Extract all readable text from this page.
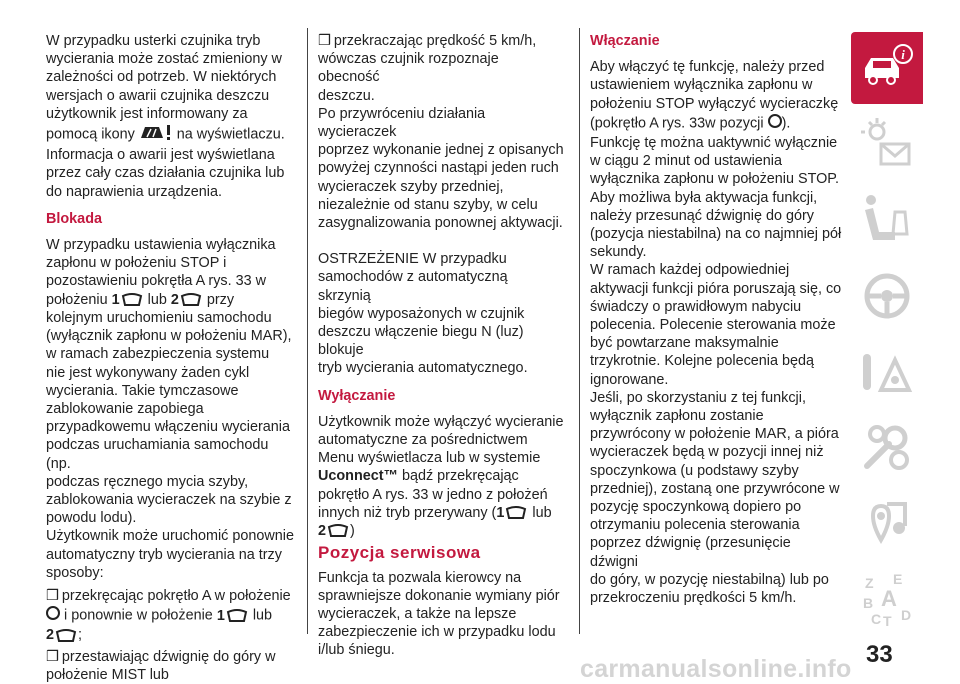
W przypadku usterki czujnika tryb
wycierania może zostać zmieniony w
zależności od potrzeb. W niektórych
wersjach o awarii czujnika deszczu
użytkownik jest informowany za
pomocą ikony	na wyświetlaczu.
Informacja o awarii jest wyświetlana
przez cały czas działania czujnika lub
do naprawienia urządzenia.

Blokada

W przypadku ustawienia wyłącznika
zapłonu w położeniu STOP i
pozostawieniu pokrętła A rys. 33 w
położeniu 1 lub 2 przy
kolejnym uruchomieniu samochodu
(wyłącznik zapłonu w położeniu MAR),
w ramach zabezpieczenia systemu
nie jest wykonywany żaden cykl
wycierania. Takie tymczasowe
zablokowanie zapobiega
przypadkowemu włączeniu wycierania
podczas uruchamiania samochodu (np.
podczas ręcznego mycia szyby,
zablokowania wycieraczek na szybie z
powodu lodu).
Użytkownik może uruchomić ponownie
automatyczny tryb wycierania na trzy
sposoby:

❒ przekręcając pokrętło A w położenie
i ponownie w położenie 1 lub
2 ;

❒ przestawiając dźwignię do góry w
położenie MIST lub

❒ przekraczając prędkość 5 km/h,
wówczas czujnik rozpoznaje obecność
deszczu.

Po przywróceniu działania wycieraczek
poprzez wykonanie jednej z opisanych
powyżej czynności nastąpi jeden ruch
wycieraczek szyby przedniej,
niezależnie od stanu szyby, w celu
zasygnalizowania ponownej aktywacji.

OSTRZEŻENIE W przypadku
samochodów z automatyczną skrzynią
biegów wyposażonych w czujnik
deszczu włączenie biegu N (luz) blokuje
tryb wycierania automatycznego.

Wyłączanie

Użytkownik może wyłączyć wycieranie
automatyczne za pośrednictwem
Menu wyświetlacza lub w systemie
Uconnect™ bądź przekręcając
pokrętło A rys. 33 w jedno z położeń
innych niż tryb przerywany (1 lub
2 )

Pozycja serwisowa

Funkcja ta pozwala kierowcy na
sprawniejsze dokonanie wymiany piór
wycieraczek, a także na lepsze
zabezpieczenie ich w przypadku lodu
i/lub śniegu.

Włączanie

Aby włączyć tę funkcję, należy przed
ustawieniem wyłącznika zapłonu w
położeniu STOP wyłączyć wycieraczkę
(pokrętło A rys. 33w pozycji ).
Funkcję tę można uaktywnić wyłącznie
w ciągu 2 minut od ustawienia
wyłącznika zapłonu w położeniu STOP.
Aby możliwa była aktywacja funkcji,
należy przesunąć dźwignię do góry
(pozycja niestabilna) na co najmniej pół
sekundy.
W ramach każdej odpowiedniej
aktywacji funkcji pióra poruszają się, co
świadczy o prawidłowym nabyciu
polecenia. Polecenie sterowania może
być powtarzane maksymalnie
trzykrotnie. Kolejne polecenia będą
ignorowane.
Jeśli, po skorzystaniu z tej funkcji,
wyłącznik zapłonu zostanie
przywrócony w położenie MAR, a pióra
wycieraczek będą w pozycji innej niż
spoczynkowa (u podstawy szyby
przedniej), zostaną one przywrócone w
pozycję spoczynkową dopiero po
otrzymaniu polecenia sterowania
poprzez dźwignię (przesunięcie dźwigni
do góry, w pozycję niestabilną) lub po
przekroczeniu prędkości 5 km/h.

i
Z E
B A
C T D
33
carmanualsonline.info
